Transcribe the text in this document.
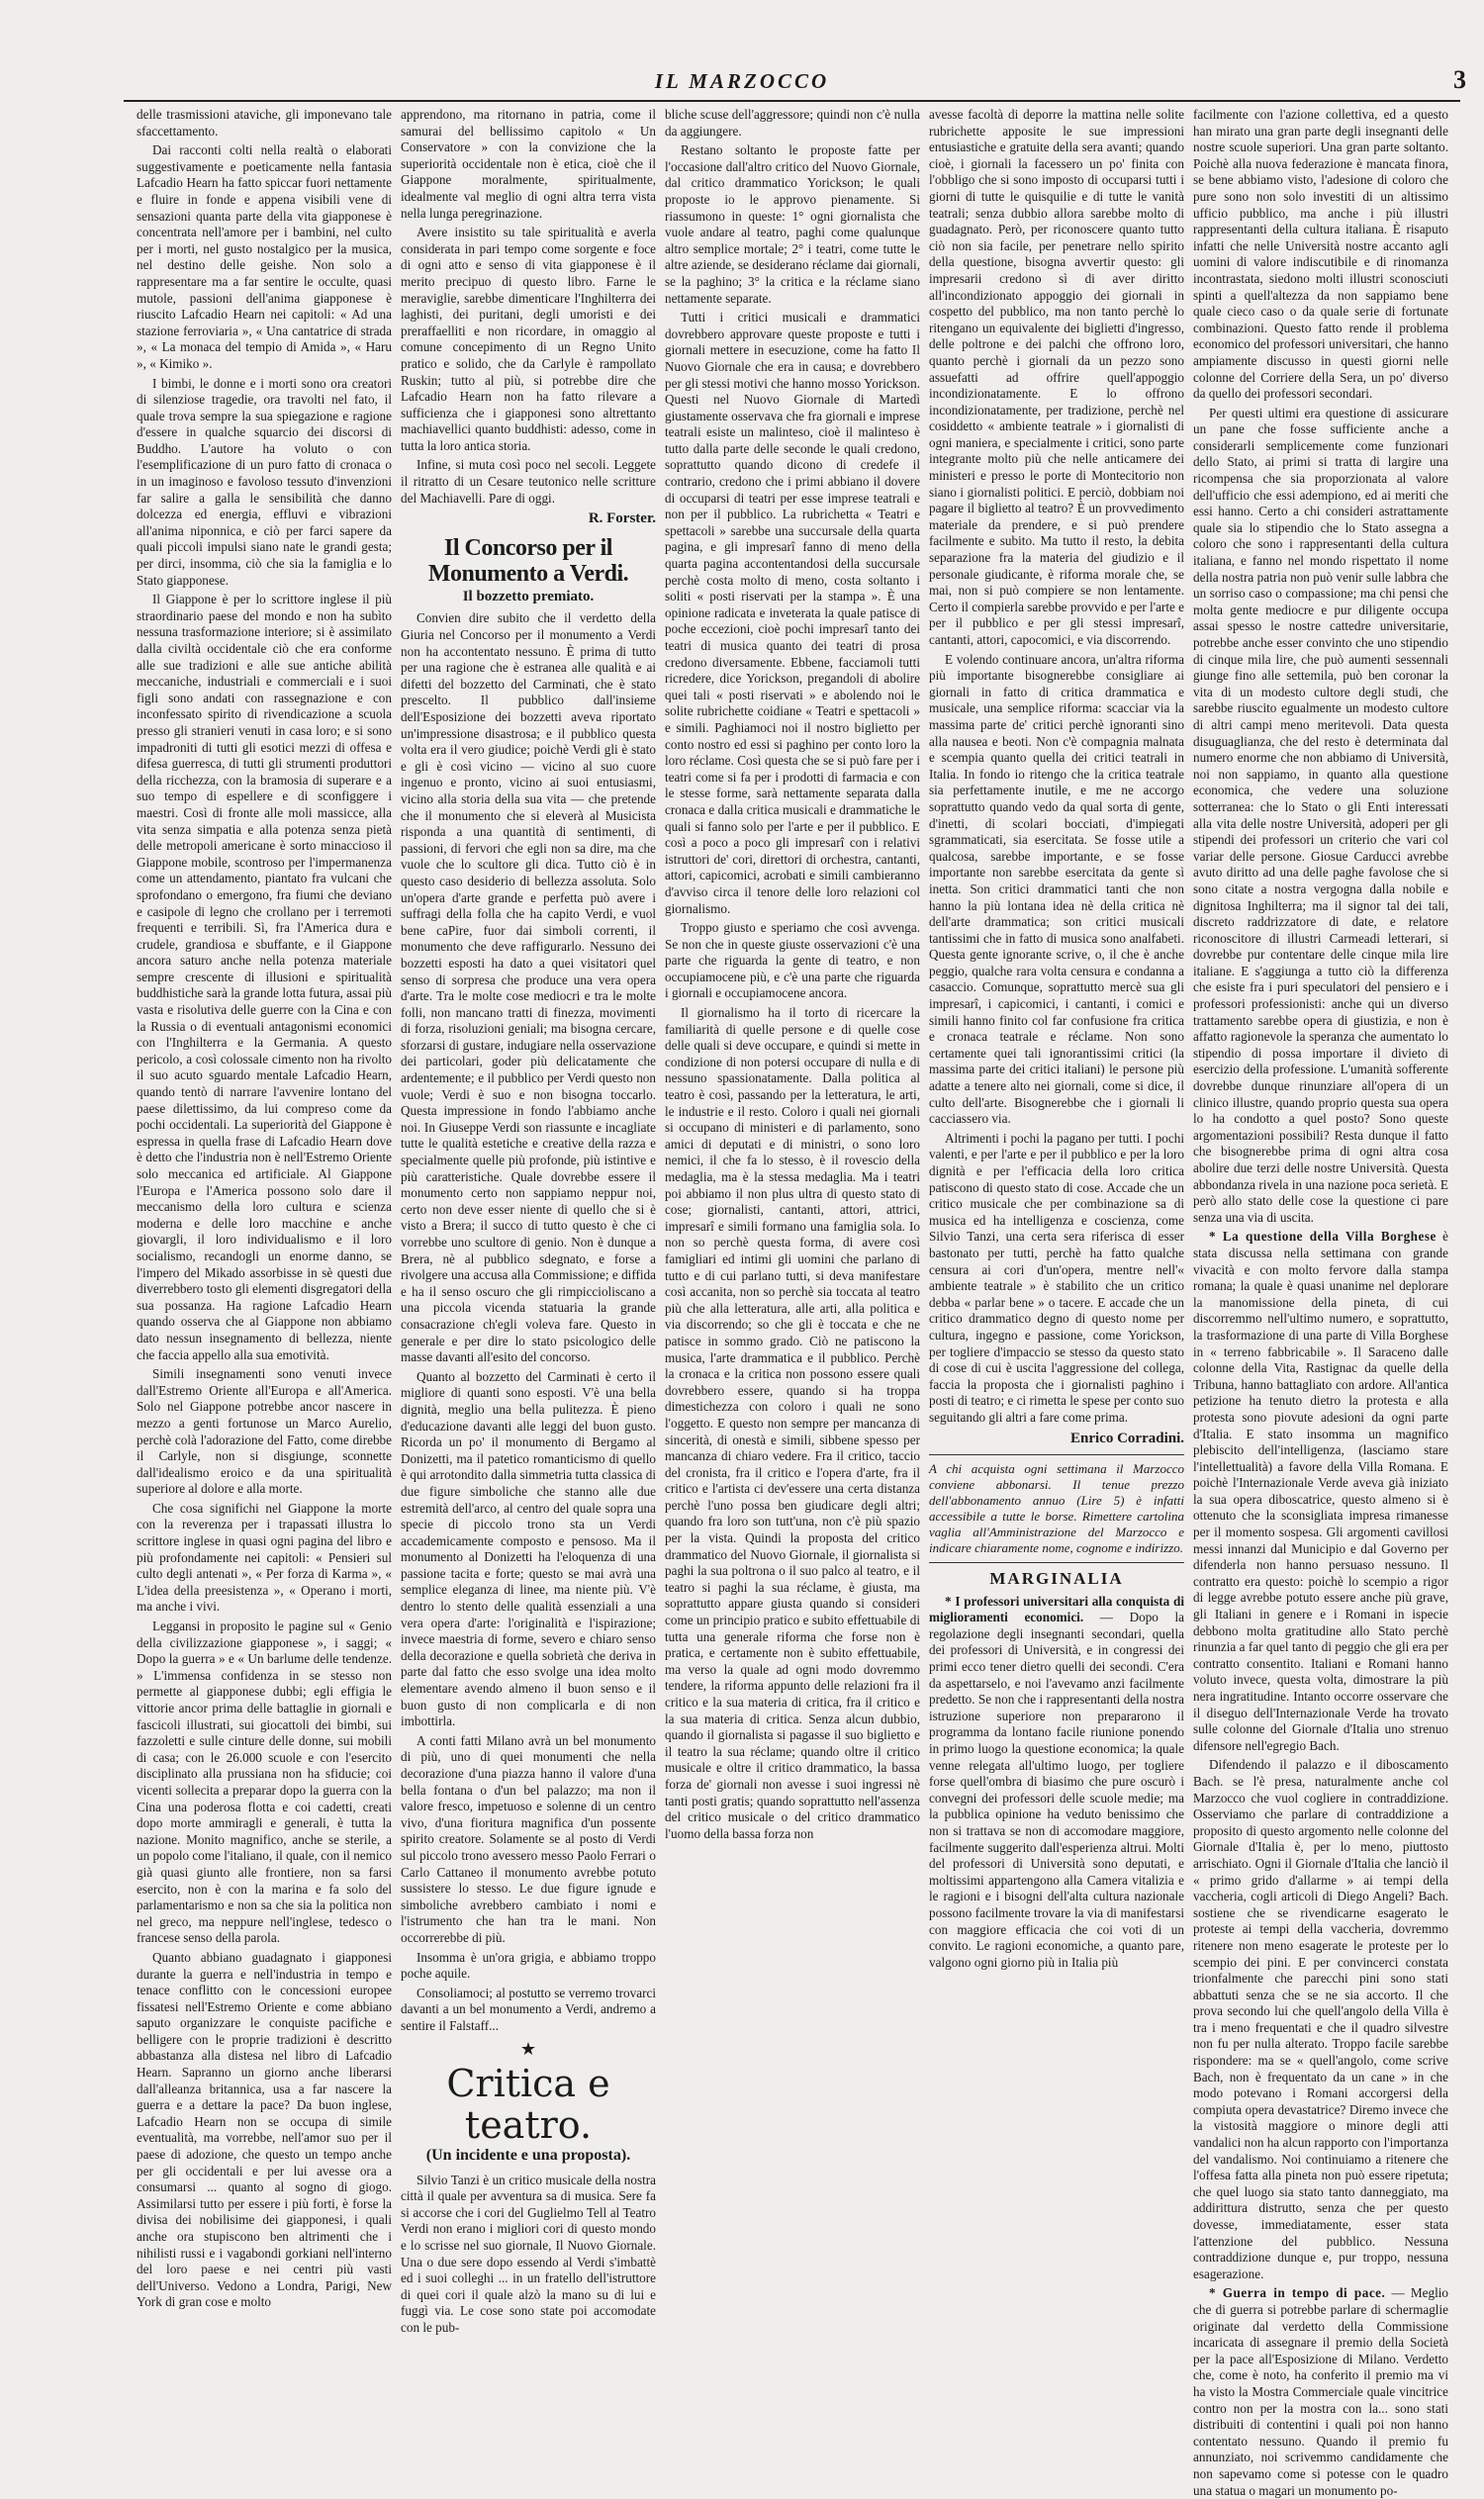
IL MARZOCCO	3

delle trasmissioni ataviche, gli imponevano tale sfaccettamento.

Dai racconti colti nella realtà o elaborati suggestivamente e poeticamente nella fantasia Lafcadio Hearn ha fatto spiccar fuori nettamente e fluire in fonde e appena visibili vene di sensazioni quanta parte della vita giapponese è concentrata nell'amore per i bambini, nel culto per i morti, nel gusto nostalgico per la musica, nel destino delle geishe. Non solo a rappresentare ma a far sentire le occulte, quasi mutole, passioni dell'anima giapponese è riuscito Lafcadio Hearn nei capitoli: « Ad una stazione ferroviaria », « Una cantatrice di strada », « La monaca del tempio di Amida », « Haru », « Kimiko ».

I bimbi, le donne e i morti sono ora creatori di silenziose tragedie, ora travolti nel fato, il quale trova sempre la sua spiegazione e ragione d'essere in qualche squarcio dei discorsi di Buddho. L'autore ha voluto o con l'esemplificazione di un puro fatto di cronaca o in un imaginoso e favoloso tessuto d'invenzioni far salire a galla le sensibilità che danno dolcezza ed energia, effluvi e vibrazioni all'anima niponnica, e ciò per farci sapere da quali piccoli impulsi siano nate le grandi gesta; per dirci, insomma, ciò che sia la famiglia e lo Stato giapponese.

Il Giappone è per lo scrittore inglese il più straordinario paese del mondo e non ha subìto nessuna trasformazione interiore; si è assimilato dalla civiltà occidentale ciò che era conforme alle sue tradizioni e alle sue antiche abilità meccaniche, industriali e commerciali e i suoi figli sono andati con rassegnazione e con inconfessato spirito di rivendicazione a scuola presso gli stranieri venuti in casa loro; e si sono impadroniti di tutti gli esotici mezzi di offesa e difesa guerresca, di tutti gli strumenti produttori della ricchezza, con la bramosia di superare e a suo tempo di espellere e di sconfiggere i maestri. Così di fronte alle moli massicce, alla vita senza simpatia e alla potenza senza pietà delle metropoli americane è sorto minaccioso il Giappone mobile, scontroso per l'impermanenza come un attendamento, piantato fra vulcani che sprofondano o emergono, fra fiumi che deviano e casipole di legno che crollano per i terremoti frequenti e terribili. Sì, fra l'America dura e crudele, grandiosa e sbuffante, e il Giappone ancora saturo anche nella potenza materiale sempre crescente di illusioni e spiritualità buddhistiche sarà la grande lotta futura, assai più vasta e risolutiva delle guerre con la Cina e con la Russia o di eventuali antagonismi economici con l'Inghilterra e la Germania. A questo pericolo, a così colossale cimento non ha rivolto il suo acuto sguardo mentale Lafcadio Hearn, quando tentò di narrare l'avvenire lontano del paese dilettissimo, da lui compreso come da pochi occidentali. La superiorità del Giappone è espressa in quella frase di Lafcadio Hearn dove è detto che l'industria non è nell'Estremo Oriente solo meccanica ed artificiale. Al Giappone l'Europa e l'America possono solo dare il meccanismo della loro cultura e scienza moderna e delle loro macchine e anche giovargli, il loro individualismo e il loro socialismo, recandogli un enorme danno, se l'impero del Mikado assorbisse in sè questi due diverrebbero tosto gli elementi disgregatori della sua possanza. Ha ragione Lafcadio Hearn quando osserva che al Giappone non abbiamo dato nessun insegnamento di bellezza, niente che faccia appello alla sua emotività.

Simili insegnamenti sono venuti invece dall'Estremo Oriente all'Europa e all'America. Solo nel Giappone potrebbe ancor nascere in mezzo a genti fortunose un Marco Aurelio, perchè colà l'adorazione del Fatto, come direbbe il Carlyle, non si disgiunge, sconnette dall'idealismo eroico e da una spiritualità superiore al dolore e alla morte.

Che cosa significhi nel Giappone la morte con la reverenza per i trapassati illustra lo scrittore inglese in quasi ogni pagina del libro e più profondamente nei capitoli: « Pensieri sul culto degli antenati », « Per forza di Karma », « L'idea della preesistenza », « Operano i morti, ma anche i vivi.

Leggansi in proposito le pagine sul « Genio della civilizzazione giapponese », i saggi; « Dopo la guerra » e « Un barlume delle tendenze. » L'immensa confidenza in se stesso non permette al giapponese dubbi; egli effigia le vittorie ancor prima delle battaglie in giornali e fascicoli illustrati, sui giocattoli dei bimbi, sui fazzoletti e sulle cinture delle donne, sui mobili di casa; con le 26.000 scuole e con l'esercito disciplinato alla prussiana non ha sfiducie; coi vicenti sollecita a preparar dopo la guerra con la Cina una poderosa flotta e coi cadetti, creati dopo morte ammiragli e generali, è tutta la nazione. Monito magnifico, anche se sterile, a un popolo come l'italiano, il quale, con il nemico già quasi giunto alle frontiere, non sa farsi esercito, non è con la marina e fa solo del parlamentarismo e non sa che sia la politica non nel greco, ma neppure nell'inglese, tedesco o francese senso della parola.

Quanto abbiano guadagnato i giapponesi durante la guerra e nell'industria in tempo e tenace conflitto con le concessioni europee fissatesi nell'Estremo Oriente e come abbiano saputo organizzare le conquiste pacifiche e belligere con le proprie tradizioni è descritto abbastanza alla distesa nel libro di Lafcadio Hearn. Sapranno un giorno anche liberarsi dall'alleanza britannica, usa a far nascere la guerra e a dettare la pace? Da buon inglese, Lafcadio Hearn non se occupa di simile eventualità, ma vorrebbe, nell'amor suo per il paese di adozione, che questo un tempo anche per gli occidentali e per lui avesse ora a consumarsi ... quanto al sogno di giogo. Assimilarsi tutto per essere i più forti, è forse la divisa dei nobilisime dei giapponesi, i quali anche ora stupiscono ben altrimenti che i nihilisti russi e i vagabondi gorkiani nell'interno del loro paese e nei centri più vasti dell'Universo. Vedono a Londra, Parigi, New York di gran cose e molto

apprendono, ma ritornano in patria, come il samurai del bellissimo capitolo « Un Conservatore » con la convizione che la superiorità occidentale non è etica, cioè che il Giappone moralmente, spiritualmente, idealmente val meglio di ogni altra terra vista nella lunga peregrinazione.

Avere insistito su tale spiritualità e averla considerata in pari tempo come sorgente e foce di ogni atto e senso di vita giapponese è il merito precipuo di questo libro. Farne le meraviglie, sarebbe dimenticare l'Inghilterra dei laghisti, dei puritani, degli umoristi e dei preraffaelliti e non ricordare, in omaggio al comune concepimento di un Regno Unito pratico e solido, che da Carlyle è rampollato Ruskin; tutto al più, si potrebbe dire che Lafcadio Hearn non ha fatto rilevare a sufficienza che i giapponesi sono altrettanto machiavellici quanto buddhisti: adesso, come in tutta la loro antica storia.

Infine, si muta così poco nel secoli. Leggete il ritratto di un Cesare teutonico nelle scritture del Machiavelli. Pare di oggi.

R. Forster.
Il Concorso per il Monumento a Verdi.
Il bozzetto premiato.

Convien dire subito che il verdetto della Giuria nel Concorso per il monumento a Verdi non ha accontentato nessuno. È prima di tutto per una ragione che è estranea alle qualità e ai difetti del bozzetto del Carminati, che è stato prescelto. Il pubblico dall'insieme dell'Esposizione dei bozzetti aveva riportato un'impressione disastrosa; e il pubblico questa volta era il vero giudice; poichè Verdi gli è stato e gli è così vicino — vicino al suo cuore ingenuo e pronto, vicino ai suoi entusiasmi, vicino alla storia della sua vita — che pretende che il monumento che si eleverà al Musicista risponda a una quantità di sentimenti, di passioni, di fervori che egli non sa dire, ma che vuole che lo scultore gli dica. Tutto ciò è in questo caso desiderio di bellezza assoluta. Solo un'opera d'arte grande e perfetta può avere i suffragi della folla che ha capito Verdi, e vuol bene caPire, fuor dai simboli correnti, il monumento che deve raffigurarlo. Nessuno dei bozzetti esposti ha dato a quei visitatori quel senso di sorpresa che produce una vera opera d'arte. Tra le molte cose mediocri e tra le molte folli, non mancano tratti di finezza, movimenti di forza, risoluzioni geniali; ma bisogna cercare, sforzarsi di gustare, indugiare nella osservazione dei particolari, goder più delicatamente che ardentemente; e il pubblico per Verdi questo non vuole; Verdi è suo e non bisogna toccarlo. Questa impressione in fondo l'abbiamo anche noi. In Giuseppe Verdi son riassunte e incagliate tutte le qualità estetiche e creative della razza e specialmente quelle più profonde, più istintive e più caratteristiche. Quale dovrebbe essere il monumento certo non sappiamo neppur noi, certo non deve esser niente di quello che si è visto a Brera; il succo di tutto questo è che ci vorrebbe uno scultore di genio. Non è dunque a Brera, nè al pubblico sdegnato, e forse a rivolgere una accusa alla Commissione; e diffida e ha il senso oscuro che gli rimpiccioliscano a una piccola vicenda statuaria la grande consacrazione ch'egli voleva fare. Questo in generale e per dire lo stato psicologico delle masse davanti all'esito del concorso.

Quanto al bozzetto del Carminati è certo il migliore di quanti sono esposti. V'è una bella dignità, meglio una bella pulitezza. È pieno d'educazione davanti alle leggi del buon gusto. Ricorda un po' il monumento di Bergamo al Donizetti, ma il patetico romanticismo di quello è qui arrotondito dalla simmetria tutta classica di due figure simboliche che stanno alle due estremità dell'arco, al centro del quale sopra una specie di piccolo trono sta un Verdi accademicamente composto e pensoso. Ma il monumento al Donizetti ha l'eloquenza di una passione tacita e forte; questo se mai avrà una semplice eleganza di linee, ma niente più. V'è dentro lo stento delle qualità essenziali a una vera opera d'arte: l'originalità e l'ispirazione; invece maestria di forme, severo e chiaro senso della decorazione e quella sobrietà che deriva in parte dal fatto che esso svolge una idea molto elementare avendo almeno il buon senso e il buon gusto di non complicarla e di non imbottirla.

A conti fatti Milano avrà un bel monumento di più, uno di quei monumenti che nella decorazione d'una piazza hanno il valore d'una bella fontana o d'un bel palazzo; ma non il valore fresco, impetuoso e solenne di un centro vivo, d'una fioritura magnifica d'un possente spirito creatore. Solamente se al posto di Verdi sul piccolo trono avessero messo Paolo Ferrari o Carlo Cattaneo il monumento avrebbe potuto sussistere lo stesso. Le due figure ignude e simboliche avrebbero cambiato i nomi e l'istrumento che han tra le mani. Non occorrerebbe di più.

Insomma è un'ora grigia, e abbiamo troppo poche aquile.

Consoliamoci; al postutto se verremo trovarci davanti a un bel monumento a Verdi, andremo a sentire il Falstaff...

★
Critica e teatro.
(Un incidente e una proposta).

Silvio Tanzi è un critico musicale della nostra città il quale per avventura sa di musica. Sere fa si accorse che i cori del Guglielmo Tell al Teatro Verdi non erano i migliori cori di questo mondo e lo scrisse nel suo giornale, Il Nuovo Giornale. Una o due sere dopo essendo al Verdi s'imbattè ed i suoi colleghi ... in un fratello dell'istruttore di quei cori il quale alzò la mano su di lui e fuggì via. Le cose sono state poi accomodate con le pub-

bliche scuse dell'aggressore; quindi non c'è nulla da aggiungere.

Restano soltanto le proposte fatte per l'occasione dall'altro critico del Nuovo Giornale, dal critico drammatico Yorickson; le quali proposte io le approvo pienamente. Si riassumono in queste: 1° ogni giornalista che vuole andare al teatro, paghi come qualunque altro semplice mortale; 2° i teatri, come tutte le altre aziende, se desiderano réclame dai giornali, se la paghino; 3° la critica e la réclame siano nettamente separate.

Tutti i critici musicali e drammatici dovrebbero approvare queste proposte e tutti i giornali mettere in esecuzione, come ha fatto Il Nuovo Giornale che era in causa; e dovrebbero per gli stessi motivi che hanno mosso Yorickson. Questi nel Nuovo Giornale di Martedì giustamente osservava che fra giornali e imprese teatrali esiste un malinteso, cioè il malinteso è tutto dalla parte delle seconde le quali credono, soprattutto quando dicono di credefe il contrario, credono che i primi abbiano il dovere di occuparsi di teatri per esse imprese teatrali e non per il pubblico. La rubrichetta « Teatri e spettacoli » sarebbe una succursale della quarta pagina, e gli impresarî fanno di meno della quarta pagina accontentandosi della succursale perchè costa molto di meno, costa soltanto i soliti « posti riservati per la stampa ». È una opinione radicata e inveterata la quale patisce di poche eccezioni, cioè pochi impresarî tanto dei teatri di musica quanto dei teatri di prosa credono diversamente. Ebbene, facciamoli tutti ricredere, dice Yorickson, pregandoli di abolire quei tali « posti riservati » e abolendo noi le solite rubrichette coidiane « Teatri e spettacoli » e simili. Paghiamoci noi il nostro biglietto per conto nostro ed essi si paghino per conto loro la loro réclame. Così questa che se si può fare per i teatri come si fa per i prodotti di farmacia e con le stesse forme, sarà nettamente separata dalla cronaca e dalla critica musicali e drammatiche le quali si fanno solo per l'arte e per il pubblico. E così a poco a poco gli impresarî con i relativi istruttori de' cori, direttori di orchestra, cantanti, attori, capicomici, acrobati e simili cambieranno d'avviso circa il tenore delle loro relazioni col giornalismo.

Troppo giusto e speriamo che così avvenga. Se non che in queste giuste osservazioni c'è una parte che riguarda la gente di teatro, e non occupiamocene più, e c'è una parte che riguarda i giornali e occupiamocene ancora.

Il giornalismo ha il torto di ricercare la familiarità di quelle persone e di quelle cose delle quali si deve occupare, e quindi si mette in condizione di non potersi occupare di nulla e di nessuno spassionatamente. Dalla politica al teatro è così, passando per la letteratura, le arti, le industrie e il resto. Coloro i quali nei giornali si occupano di ministeri e di parlamento, sono amici di deputati e di ministri, o sono loro nemici, il che fa lo stesso, è il rovescio della medaglia, ma è la stessa medaglia. Ma i teatri poi abbiamo il non plus ultra di questo stato di cose; giornalisti, cantanti, attori, attrici, impresarî e simili formano una famiglia sola. Io non so perchè questa forma, di avere così famigliari ed intimi gli uomini che parlano di tutto e di cui parlano tutti, si deva manifestare così accanita, non so perchè sia toccata al teatro più che alla letteratura, alle arti, alla politica e via discorrendo; so che gli è toccata e che ne patisce in sommo grado. Ciò ne patiscono la musica, l'arte drammatica e il pubblico. Perchè la cronaca e la critica non possono essere quali dovrebbero essere, quando si ha troppa dimestichezza con coloro i quali ne sono l'oggetto. E questo non sempre per mancanza di sincerità, di onestà e simili, sibbene spesso per mancanza di chiaro vedere. Fra il critico, taccio del cronista, fra il critico e l'opera d'arte, fra il critico e l'artista ci dev'essere una certa distanza perchè l'uno possa ben giudicare degli altri; quando fra loro son tutt'una, non c'è più spazio per la vista. Quindi la proposta del critico drammatico del Nuovo Giornale, il giornalista si paghi la sua poltrona o il suo palco al teatro, e il teatro si paghi la sua réclame, è giusta, ma soprattutto appare giusta quando si consideri come un principio pratico e subito effettuabile di tutta una generale riforma che forse non è pratica, e certamente non è subito effettuabile, ma verso la quale ad ogni modo dovremmo tendere, la riforma appunto delle relazioni fra il critico e la sua materia di critica, fra il critico e la sua materia di critica. Senza alcun dubbio, quando il giornalista si pagasse il suo biglietto e il teatro la sua réclame; quando oltre il critico musicale e oltre il critico drammatico, la bassa forza de' giornali non avesse i suoi ingressi nè tanti posti gratis; quando soprattutto nell'assenza del critico musicale o del critico drammatico l'uomo della bassa forza non

avesse facoltà di deporre la mattina nelle solite rubrichette apposite le sue impressioni entusiastiche e gratuite della sera avanti; quando cioè, i giornali la facessero un po' finita con l'obbligo che si sono imposto di occuparsi tutti i giorni di tutte le quisquilie e di tutte le vanità teatrali; senza dubbio allora sarebbe molto di guadagnato. Però, per riconoscere quanto tutto ciò non sia facile, per penetrare nello spirito della questione, bisogna avvertir questo: gli impresarii credono sì di aver diritto all'incondizionato appoggio dei giornali in cospetto del pubblico, ma non tanto perchè lo ritengano un equivalente dei biglietti d'ingresso, delle poltrone e dei palchi che offrono loro, quanto perchè i giornali da un pezzo sono assuefatti ad offrire quell'appoggio incondizionatamente. E lo offrono incondizionatamente, per tradizione, perchè nel cosiddetto « ambiente teatrale » i giornalisti di ogni maniera, e specialmente i critici, sono parte integrante molto più che nelle anticamere dei ministeri e presso le porte di Montecitorio non siano i giornalisti politici. E perciò, dobbiam noi pagare il biglietto al teatro? È un provvedimento materiale da prendere, e si può prendere facilmente e subito. Ma tutto il resto, la debita separazione fra la materia del giudizio e il personale giudicante, è riforma morale che, se mai, non si può compiere se non lentamente. Certo il compierla sarebbe provvido e per l'arte e per il pubblico e per gli stessi impresarî, cantanti, attori, capocomici, e via discorrendo.

E volendo continuare ancora, un'altra riforma più importante bisognerebbe consigliare ai giornali in fatto di critica drammatica e musicale, una semplice riforma: scacciar via la massima parte de' critici perchè ignoranti sino alla nausea e beoti. Non c'è compagnia malnata e scempia quanto quella dei critici teatrali in Italia. In fondo io ritengo che la critica teatrale sia perfettamente inutile, e me ne accorgo soprattutto quando vedo da qual sorta di gente, d'inetti, di scolari bocciati, d'impiegati sgrammaticati, sia esercitata. Se fosse utile a qualcosa, sarebbe importante, e se fosse importante non sarebbe esercitata da gente sì inetta. Son critici drammatici tanti che non hanno la più lontana idea nè della critica nè dell'arte drammatica; son critici musicali tantissimi che in fatto di musica sono analfabeti. Questa gente ignorante scrive, o, il che è anche peggio, qualche rara volta censura e condanna a casaccio. Comunque, soprattutto mercè sua gli impresarî, i capicomici, i cantanti, i comici e simili hanno finito col far confusione fra critica e cronaca teatrale e réclame. Non sono certamente quei tali ignorantissimi critici (la massima parte dei critici italiani) le persone più adatte a tenere alto nei giornali, come si dice, il culto dell'arte. Bisognerebbe che i giornali li cacciassero via.

Altrimenti i pochi la pagano per tutti. I pochi valenti, e per l'arte e per il pubblico e per la loro dignità e per l'efficacia della loro critica patiscono di questo stato di cose. Accade che un critico musicale che per combinazione sa di musica ed ha intelligenza e coscienza, come Silvio Tanzi, una certa sera riferisca di esser bastonato per tutti, perchè ha fatto qualche censura ai cori d'un'opera, mentre nell'« ambiente teatrale » è stabilito che un critico debba « parlar bene » o tacere. E accade che un critico drammatico degno di questo nome per cultura, ingegno e passione, come Yorickson, per togliere d'impaccio se stesso da questo stato di cose di cui è uscita l'aggressione del collega, faccia la proposta che i giornalisti paghino i posti di teatro; e ci rimetta le spese per conto suo seguitando gli altri a fare come prima.

Enrico Corradini.
A chi acquista ogni settimana il Marzocco conviene abbonarsi. Il tenue prezzo dell'abbonamento annuo (Lire 5) è infatti accessibile a tutte le borse. Rimettere cartolina vaglia all'Amministrazione del Marzocco e indicare chiaramente nome, cognome e indirizzo.
MARGINALIA

* I professori universitari alla conquista di miglioramenti economici. — Dopo la regolazione degli insegnanti secondari, quella dei professori di Università, e in congressi dei primi ecco tener dietro quelli dei secondi. C'era da aspettarselo, e noi l'avevamo anzi facilmente predetto. Se non che i rappresentanti della nostra istruzione superiore non prepararono il programma da lontano facile riunione ponendo in primo luogo la questione economica; la quale venne relegata all'ultimo luogo, per togliere forse quell'ombra di biasimo che pure oscurò i convegni dei professori delle scuole medie; ma la pubblica opinione ha veduto benissimo che non si trattava se non di accomodare maggiore, facilmente suggerito dall'esperienza altrui. Molti del professori di Università sono deputati, e moltissimi appartengono alla Camera vitalizia e le ragioni e i bisogni dell'alta cultura nazionale possono facilmente trovare la via di manifestarsi con maggiore efficacia che coi voti di un convito. Le ragioni economiche, a quanto pare, valgono ogni giorno più in Italia più

facilmente con l'azione collettiva, ed a questo han mirato una gran parte degli insegnanti delle nostre scuole superiori. Una gran parte soltanto. Poichè alla nuova federazione è mancata finora, se bene abbiamo visto, l'adesione di coloro che pure sono non solo investiti di un altissimo ufficio pubblico, ma anche i più illustri rappresentanti della cultura italiana. È risaputo infatti che nelle Università nostre accanto agli uomini di valore indiscutibile e di rinomanza incontrastata, siedono molti illustri sconosciuti spinti a quell'altezza da non sappiamo bene quale cieco caso o da quale serie di fortunate combinazioni. Questo fatto rende il problema economico del professori universitari, che hanno ampiamente discusso in questi giorni nelle colonne del Corriere della Sera, un po' diverso da quello dei professori secondari.

Per questi ultimi era questione di assicurare un pane che fosse sufficiente anche a considerarli semplicemente come funzionari dello Stato, ai primi si tratta di largire una ricompensa che sia proporzionata al valore dell'ufficio che essi adempiono, ed ai meriti che essi hanno. Certo a chi consideri astrattamente quale sia lo stipendio che lo Stato assegna a coloro che sono i rappresentanti della cultura italiana, e fanno nel mondo rispettato il nome della nostra patria non può venir sulle labbra che un sorriso caso o compassione; ma chi pensi che molta gente mediocre e pur diligente occupa assai spesso le nostre cattedre universitarie, potrebbe anche esser convinto che uno stipendio di cinque mila lire, che può aumenti sessennali giunge fino alle settemila, può ben coronar la vita di un modesto cultore degli studi, che sarebbe riuscito egualmente un modesto cultore di altri campi meno meritevoli. Data questa disuguaglianza, che del resto è determinata dal numero enorme che non abbiamo di Università, noi non sappiamo, in quanto alla questione economica, che vedere una soluzione sotterranea: che lo Stato o gli Enti interessati alla vita delle nostre Università, adoperi per gli stipendi dei professori un criterio che vari col variar delle persone. Giosue Carducci avrebbe avuto diritto ad una delle paghe favolose che si sono citate a nostra vergogna dalla nobile e dignitosa Inghilterra; ma il signor tal dei tali, discreto raddrizzatore di date, e relatore riconoscitore di illustri Carmeadi letterari, si dovrebbe pur contentare delle cinque mila lire italiane. E s'aggiunga a tutto ciò la differenza che esiste fra i puri speculatori del pensiero e i professori professionisti: anche qui un diverso trattamento sarebbe opera di giustizia, e non è affatto ragionevole la speranza che aumentato lo stipendio di possa importare il divieto di esercizio della professione. L'umanità sofferente dovrebbe dunque rinunziare all'opera di un clinico illustre, quando proprio questa sua opera lo ha condotto a quel posto? Sono queste argomentazioni possibili? Resta dunque il fatto che bisognerebbe prima di ogni altra cosa abolire due terzi delle nostre Università. Questa abbondanza rivela in una nazione poca serietà. E però allo stato delle cose la questione ci pare senza una via di uscita.

* La questione della Villa Borghese è stata discussa nella settimana con grande vivacità e con molto fervore dalla stampa romana; la quale è quasi unanime nel deplorare la manomissione della pineta, di cui discorremmo nell'ultimo numero, e soprattutto, la trasformazione di una parte di Villa Borghese in « terreno fabbricabile ». Il Saraceno dalle colonne della Vita, Rastignac da quelle della Tribuna, hanno battagliato con ardore. All'antica petizione ha tenuto dietro la protesta e alla protesta sono piovute adesioni da ogni parte d'Italia. E stato insomma un magnifico plebiscito dell'intelligenza, (lasciamo stare l'intellettualità) a favore della Villa Romana. E poichè l'Internazionale Verde aveva già iniziato la sua opera diboscatrice, questo almeno si è ottenuto che la sconsigliata impresa rimanesse per il momento sospesa. Gli argomenti cavillosi messi innanzi dal Municipio e dal Governo per difenderla non hanno persuaso nessuno. Il contratto era questo: poichè lo scempio a rigor di legge avrebbe potuto essere anche più grave, gli Italiani in genere e i Romani in ispecie debbono molta gratitudine allo Stato perchè rinunzia a far quel tanto di peggio che gli era per contratto consentito. Italiani e Romani hanno voluto invece, questa volta, dimostrare la più nera ingratitudine. Intanto occorre osservare che il diseguo dell'Internazionale Verde ha trovato sulle colonne del Giornale d'Italia uno strenuo difensore nell'egregio Bach.

Difendendo il palazzo e il diboscamento Bach. se l'è presa, naturalmente anche col Marzocco che vuol cogliere in contraddizione. Osserviamo che parlare di contraddizione a proposito di questo argomento nelle colonne del Giornale d'Italia è, per lo meno, piuttosto arrischiato. Ogni il Giornale d'Italia che lanciò il « primo grido d'allarme » ai tempi della vaccheria, cogli articoli di Diego Angeli? Bach. sostiene che se rivendicarne esagerato le proteste ai tempi della vaccheria, dovremmo ritenere non meno esagerate le proteste per lo scempio dei pini. E per convincerci constata trionfalmente che parecchi pini sono stati abbattuti senza che se ne sia accorto. Il che prova secondo lui che quell'angolo della Villa è tra i meno frequentati e che il quadro silvestre non fu per nulla alterato. Troppo facile sarebbe rispondere: ma se « quell'angolo, come scrive Bach, non è frequentato da un cane » in che modo potevano i Romani accorgersi della compiuta opera devastatrice? Diremo invece che la vistosità maggiore o minore degli atti vandalici non ha alcun rapporto con l'importanza del vandalismo. Noi continuiamo a ritenere che l'offesa fatta alla pineta non può essere ripetuta; che quel luogo sia stato tanto danneggiato, ma addirittura distrutto, senza che per questo dovesse, immediatamente, esser stata l'attenzione del pubblico. Nessuna contraddizione dunque e, pur troppo, nessuna esagerazione.

* Guerra in tempo di pace. — Meglio che di guerra si potrebbe parlare di schermaglie originate dal verdetto della Commissione incaricata di assegnare il premio della Società per la pace all'Esposizione di Milano. Verdetto che, come è noto, ha conferito il premio ma vi ha visto la Mostra Commerciale quale vincitrice contro non per la mostra con la... sono stati distribuiti di contentini i quali poi non hanno contentato nessuno. Quando il premio fu annunziato, noi scrivemmo candidamente che non sapevamo come si potesse con le quadro una statua o magari un monumento po-
